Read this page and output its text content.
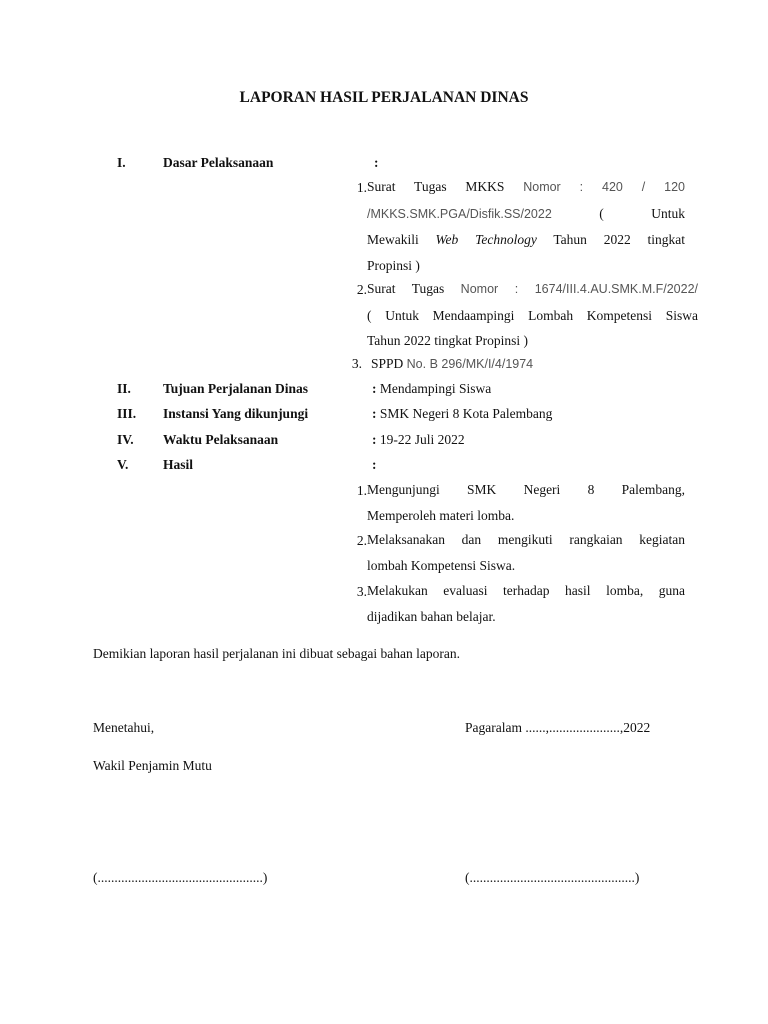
LAPORAN HASIL PERJALANAN DINAS
I.	Dasar Pelaksanaan	:
1. Surat Tugas MKKS Nomor : 420 / 120
/MKKS.SMK.PGA/Disfik.SS/2022	( Untuk
Mewakili Web Technology Tahun 2022 tingkat
Propinsi )
2. Surat Tugas Nomor : 1674/III.4.AU.SMK.M.F/2022/
( Untuk Mendaampingi Lombah Kompetensi Siswa
Tahun 2022 tingkat Propinsi )
3. SPPD No. B 296/MK/I/4/1974
II. Tujuan Perjalanan Dinas	: Mendampingi Siswa
III. Instansi Yang dikunjungi	: SMK Negeri 8 Kota Palembang
IV. Waktu Pelaksanaan	: 19-22 Juli 2022
V.	Hasil	:
1. Mengunjungi SMK Negeri 8 Palembang,
Memperoleh materi lomba.
2. Melaksanakan dan mengikuti rangkaian kegiatan
lombah Kompetensi Siswa.
3. Melakukan evaluasi terhadap hasil lomba, guna
dijadikan bahan belajar.
Demikian laporan hasil perjalanan ini dibuat sebagai bahan laporan.
Menetahui,	Pagaralam ......,.....................,2022
Wakil Penjamin Mutu
(.................................................)	(.................................................)
